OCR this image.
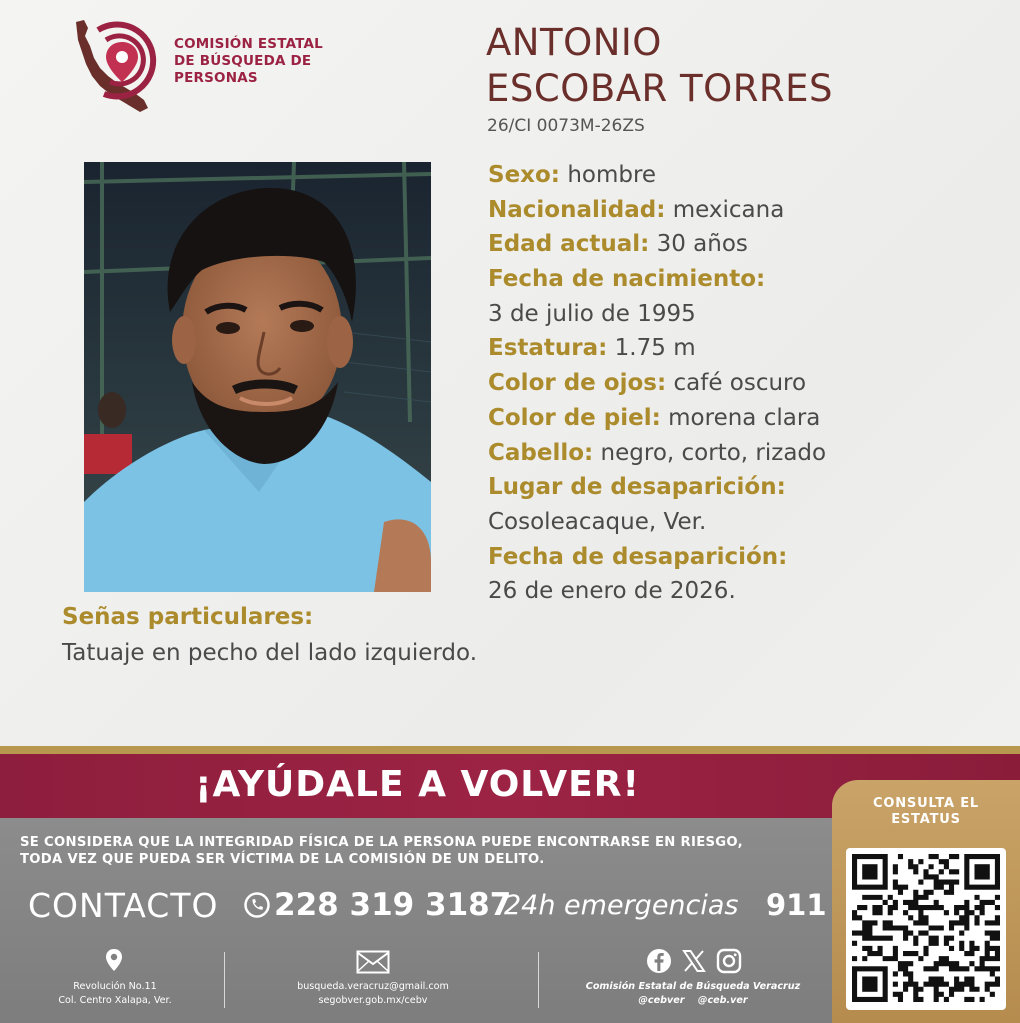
COMISIÓN ESTATAL
DE BÚSQUEDA DE
PERSONAS
ANTONIO
ESCOBAR TORRES
26/CI 0073M-26ZS
Sexo: hombre
Nacionalidad: mexicana
Edad actual: 30 años
Fecha de nacimiento:
3 de julio de 1995
Estatura: 1.75 m
Color de ojos: café oscuro
Color de piel: morena clara
Cabello: negro, corto, rizado
Lugar de desaparición:
Cosoleacaque, Ver.
Fecha de desaparición:
26 de enero de 2026.
Señas particulares:
Tatuaje en pecho del lado izquierdo.
¡AYÚDALE A VOLVER!
SE CONSIDERA QUE LA INTEGRIDAD FÍSICA DE LA PERSONA PUEDE ENCONTRARSE EN RIESGO,
TODA VEZ QUE PUEDA SER VÍCTIMA DE LA COMISIÓN DE UN DELITO.
CONTACTO 228 319 3187
24h emergencias 911
Revolución No.11
Col. Centro Xalapa, Ver.
busqueda.veracruz@gmail.com
segobver.gob.mx/cebv
Comisión Estatal de Búsqueda Veracruz
@cebver @ceb.ver
CONSULTA EL
ESTATUS
